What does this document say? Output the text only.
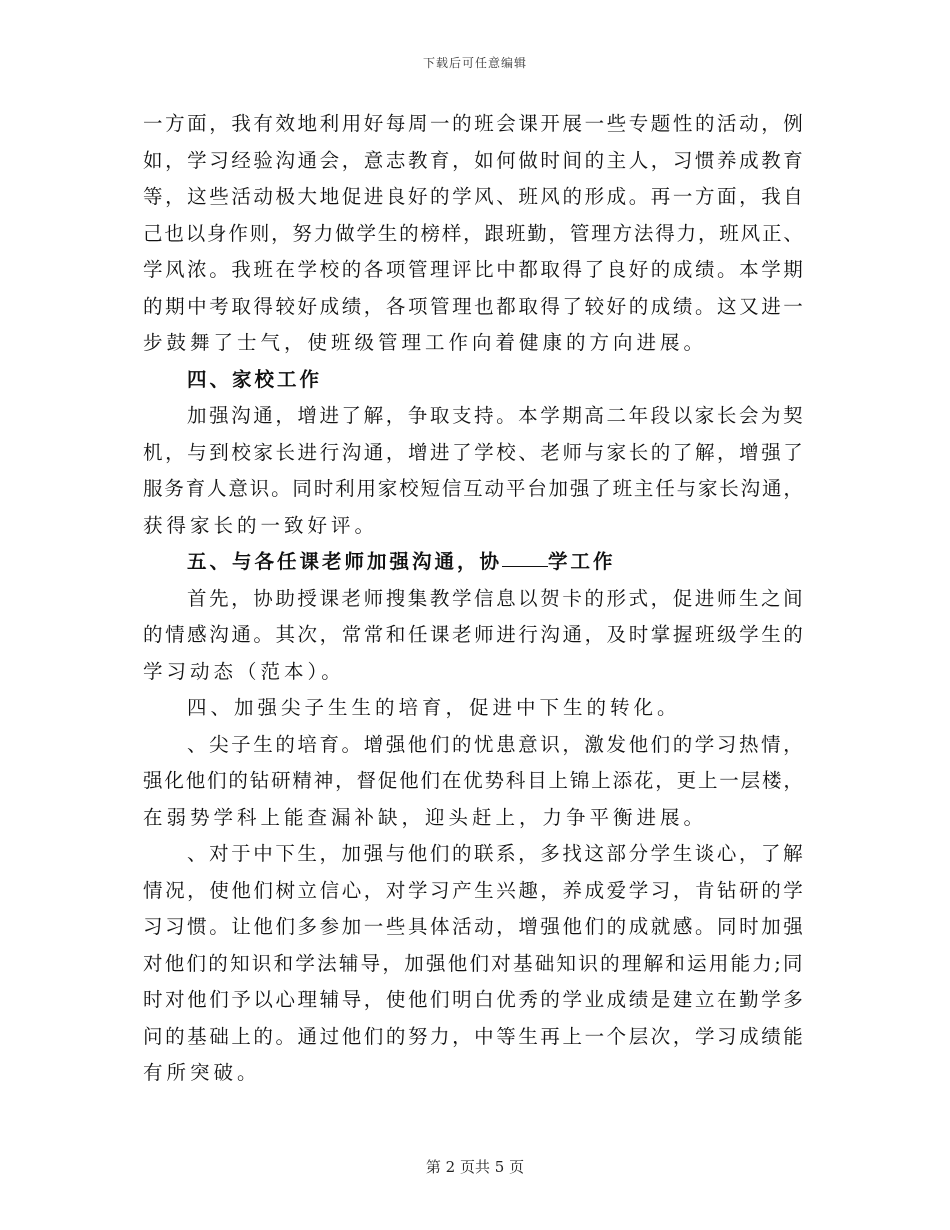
下载后可任意编辑
一 方 面 ， 我 有 效 地 利 用 好 每 周 一 的 班 会 课 开 展 一 些 专 题 性 的 活 动 ， 例
如 ， 学 习 经 验 沟 通 会 ， 意 志 教 育 ， 如 何 做 时 间 的 主 人 ， 习 惯 养 成 教 育
等 ， 这 些 活 动 极 大 地 促 进 良 好 的 学 风 、 班 风 的 形 成 。 再 一 方 面 ， 我 自
己 也 以 身 作 则 ， 努 力 做 学 生 的 榜 样 ， 跟 班 勤 ， 管 理 方 法 得 力 ， 班 风 正 、
学 风 浓 。 我 班 在 学 校 的 各 项 管 理 评 比 中 都 取 得 了 良 好 的 成 绩 。 本 学 期
的 期 中 考 取 得 较 好 成 绩 ， 各 项 管 理 也 都 取 得 了 较 好 的 成 绩 。 这 又 进 一
步鼓舞了士气，使班级管理工作向着健康的方向进展。
四、家校工作
加 强 沟 通 ， 增 进 了 解 ， 争 取 支 持 。 本 学 期 高 二 年 段 以 家 长 会 为 契
机 ， 与 到 校 家 长 进 行 沟 通 ， 增 进 了 学 校 、 老 师 与 家 长 的 了 解 ， 增 强 了
服 务 育 人 意 识 。 同 时 利 用 家 校 短 信 互 动 平 台 加 强 了 班 主 任 与 家 长 沟 通 ，
获得家长的一致好评。
五、与各任课老师加强沟通，协 学工作
首 先 ， 协 助 授 课 老 师 搜 集 教 学 信 息 以 贺 卡 的 形 式 ， 促 进 师 生 之 间
的 情 感 沟 通 。 其 次 ， 常 常 和 任 课 老 师 进 行 沟 通 ， 及 时 掌 握 班 级 学 生 的
学习动态（范本）。
四、加强尖子生生的培育，促进中下生的转化。
、 尖 子 生 的 培 育 。 增 强 他 们 的 忧 患 意 识 ， 激 发 他 们 的 学 习 热 情 ，
强 化 他 们 的 钻 研 精 神 ， 督 促 他 们 在 优 势 科 目 上 锦 上 添 花 ， 更 上 一 层 楼 ，
在弱势学科上能查漏补缺，迎头赶上，力争平衡进展。
、 对 于 中 下 生 ， 加 强 与 他 们 的 联 系 ， 多 找 这 部 分 学 生 谈 心 ， 了 解
情 况 ， 使 他 们 树 立 信 心 ， 对 学 习 产 生 兴 趣 ， 养 成 爱 学 习 ， 肯 钻 研 的 学
习 习 惯 。 让 他 们 多 参 加 一 些 具 体 活 动 ， 增 强 他 们 的 成 就 感 。 同 时 加 强
对 他 们 的 知 识 和 学 法 辅 导 ， 加 强 他 们 对 基 础 知 识 的 理 解 和 运 用 能 力 ; 同
时 对 他 们 予 以 心 理 辅 导 ， 使 他 们 明 白 优 秀 的 学 业 成 绩 是 建 立 在 勤 学 多
问 的 基 础 上 的 。 通 过 他 们 的 努 力 ， 中 等 生 再 上 一 个 层 次 ， 学 习 成 绩 能
有所突破。
第 2 页共 5 页
